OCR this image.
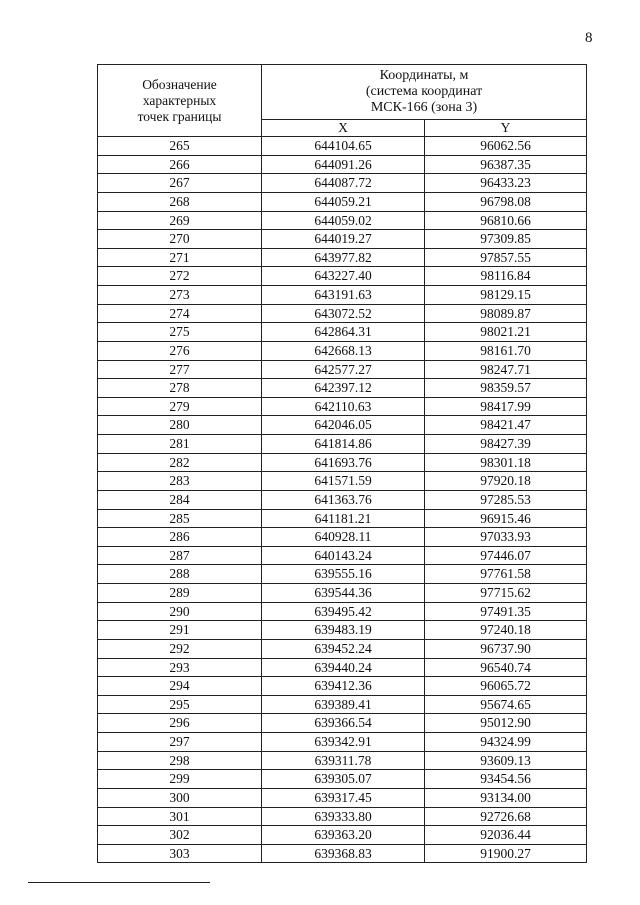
8
Обозначение
характерных
точек границы	Координаты, м
(система координат
МСК-166 (зона 3)	

	X	Y
265	644104.65	96062.56
266	644091.26	96387.35
267	644087.72	96433.23
268	644059.21	96798.08
269	644059.02	96810.66
270	644019.27	97309.85
271	643977.82	97857.55
272	643227.40	98116.84
273	643191.63	98129.15
274	643072.52	98089.87
275	642864.31	98021.21
276	642668.13	98161.70
277	642577.27	98247.71
278	642397.12	98359.57
279	642110.63	98417.99
280	642046.05	98421.47
281	641814.86	98427.39
282	641693.76	98301.18
283	641571.59	97920.18
284	641363.76	97285.53
285	641181.21	96915.46
286	640928.11	97033.93
287	640143.24	97446.07
288	639555.16	97761.58
289	639544.36	97715.62
290	639495.42	97491.35
291	639483.19	97240.18
292	639452.24	96737.90
293	639440.24	96540.74
294	639412.36	96065.72
295	639389.41	95674.65
296	639366.54	95012.90
297	639342.91	94324.99
298	639311.78	93609.13
299	639305.07	93454.56
300	639317.45	93134.00
301	639333.80	92726.68
302	639363.20	92036.44
303	639368.83	91900.27
